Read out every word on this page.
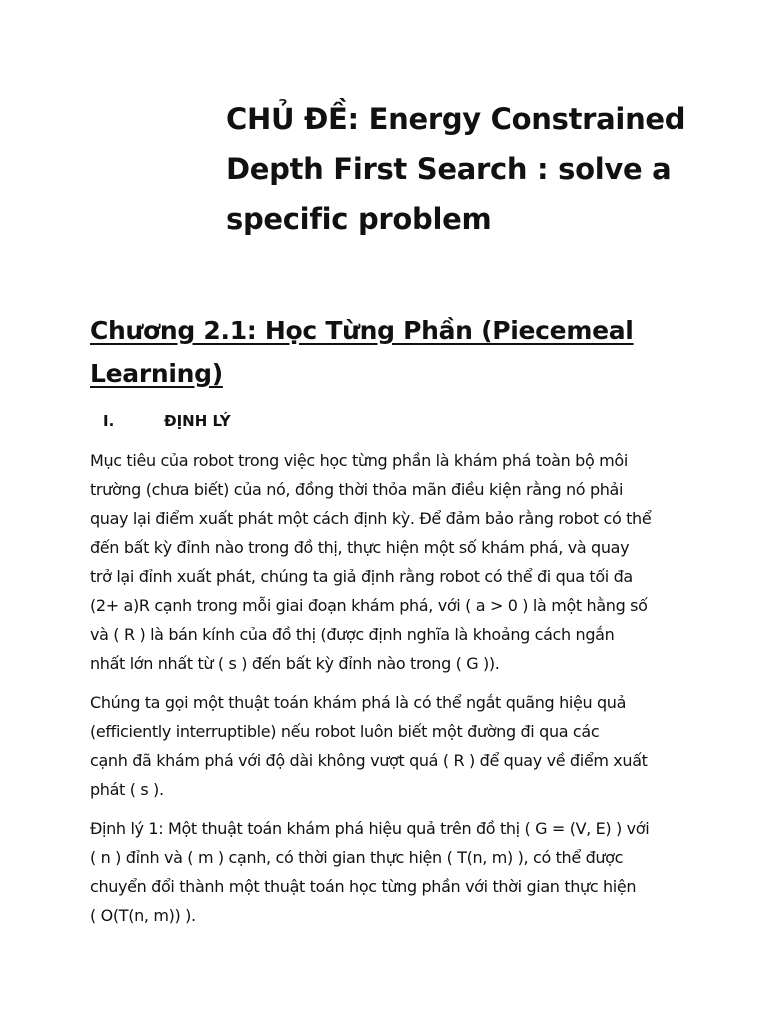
CHỦ ĐỀ: Energy Constrained
Depth First Search : solve a
specific problem
Chương 2.1: Học Từng Phần (Piecemeal
Learning)
I.	ĐỊNH LÝ

Mục tiêu của robot trong việc học từng phần là khám phá toàn bộ môi
trường (chưa biết) của nó, đồng thời thỏa mãn điều kiện rằng nó phải
quay lại điểm xuất phát một cách định kỳ. Để đảm bảo rằng robot có thể
đến bất kỳ đỉnh nào trong đồ thị, thực hiện một số khám phá, và quay
trở lại đỉnh xuất phát, chúng ta giả định rằng robot có thể đi qua tối đa
(2+ a)R cạnh trong mỗi giai đoạn khám phá, với ( a > 0 ) là một hằng số
và ( R ) là bán kính của đồ thị (được định nghĩa là khoảng cách ngắn
nhất lớn nhất từ ( s ) đến bất kỳ đỉnh nào trong ( G )).

Chúng ta gọi một thuật toán khám phá là có thể ngắt quãng hiệu quả
(efficiently interruptible) nếu robot luôn biết một đường đi qua các
cạnh đã khám phá với độ dài không vượt quá ( R ) để quay về điểm xuất
phát ( s ).

Định lý 1: Một thuật toán khám phá hiệu quả trên đồ thị ( G = (V, E) ) với
( n ) đỉnh và ( m ) cạnh, có thời gian thực hiện ( T(n, m) ), có thể được
chuyển đổi thành một thuật toán học từng phần với thời gian thực hiện
( O(T(n, m)) ).
